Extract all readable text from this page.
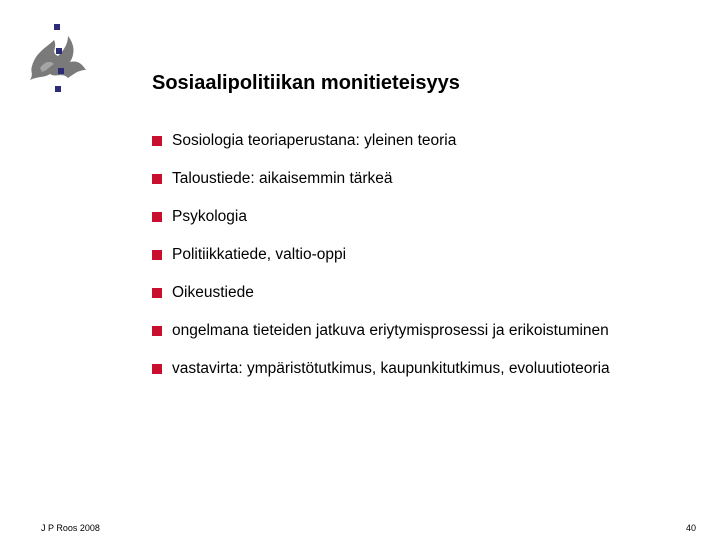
Sosiaalipolitiikan monitieteisyys
Sosiologia teoriaperustana: yleinen teoria
Taloustiede: aikaisemmin tärkeä
Psykologia
Politiikkatiede, valtio-oppi
Oikeustiede
ongelmana tieteiden jatkuva eriytymisprosessi ja erikoistuminen
vastavirta: ympäristötutkimus, kaupunkitutkimus, evoluutioteoria
J P Roos 2008	40
